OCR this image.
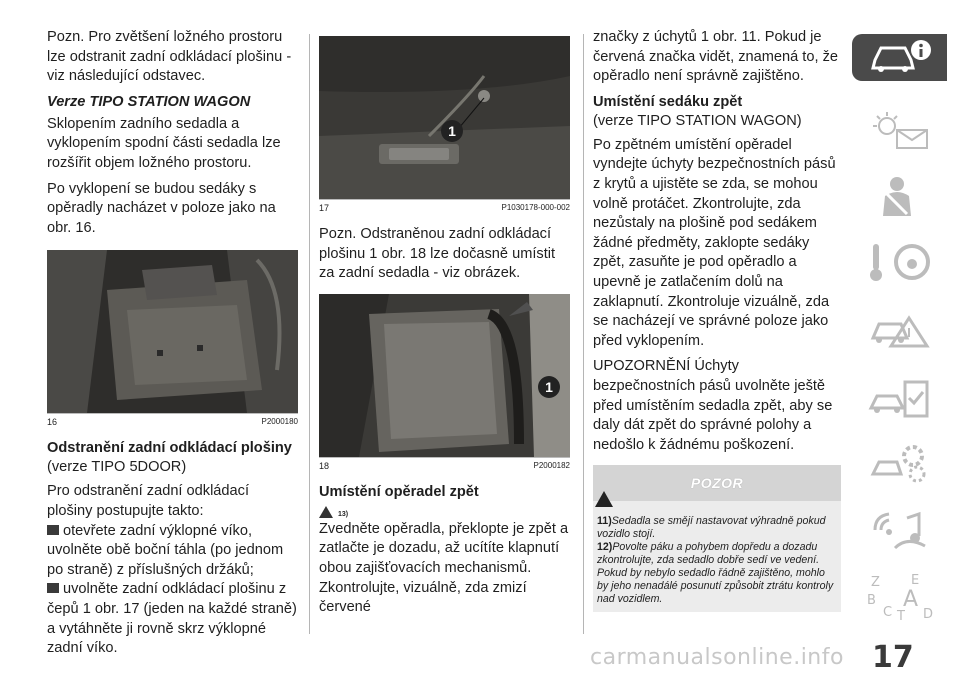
Pozn. Pro zvětšení ložného prostoru lze odstranit zadní odkládací plošinu - viz následující odstavec.

Verze TIPO STATION WAGON

Sklopením zadního sedadla a vyklopením spodní části sedadla lze rozšířit objem ložného prostoru.

Po vyklopení se budou sedáky s opěradly nacházet v poloze jako na obr. 16.

16	P2000180
Odstranění zadní odkládací plošiny
(verze TIPO 5DOOR)

Pro odstranění zadní odkládací plošiny postupujte takto:

otevřete zadní výklopné víko, uvolněte obě boční táhla (po jednom po straně) z příslušných držáků;
uvolněte zadní odkládací plošinu z čepů 1 obr. 17 (jeden na každé straně) a vytáhněte ji rovně skrz výklopné zadní víko.
1
17	P1030178-000-002

Pozn. Odstraněnou zadní odkládací plošinu 1 obr. 18 lze dočasně umístit za zadní sedadla - viz obrázek.

1
18	P2000182
Umístění opěradel zpět
13)

Zvedněte opěradla, překlopte je zpět a zatlačte je dozadu, až ucítíte klapnutí obou zajišťovacích mechanismů. Zkontrolujte, vizuálně, zda zmizí červené

značky z úchytů 1 obr. 11. Pokud je červená značka vidět, znamená to, že opěradlo není správně zajištěno.

Umístění sedáku zpět
(verze TIPO STATION WAGON)

Po zpětném umístění opěradel vyndejte úchyty bezpečnostních pásů z krytů a ujistěte se zda, se mohou volně protáčet. Zkontrolujte, zda nezůstaly na plošině pod sedákem žádné předměty, zaklopte sedáky zpět, zasuňte je pod opěradlo a upevně je zatlačením dolů na zaklapnutí. Zkontroluje vizuálně, zda se nacházejí ve správné poloze jako před vyklopením.

UPOZORNĚNÍ Úchyty bezpečnostních pásů uvolněte ještě před umístěním sedadla zpět, aby se daly dát zpět do správné polohy a nedošlo k žádnému poškození.

POZOR

11)Sedadla se smějí nastavovat výhradně pokud vozidlo stojí.

12)Povolte páku a pohybem dopředu a dozadu zkontrolujte, zda sedadlo dobře sedí ve vedení. Pokud by nebylo sedadlo řádně zajištěno, mohlo by jeho nenadálé posunutí způsobit ztrátu kontroly nad vozidlem.

Z E
B A
C T D
carmanualsonline.info 17
